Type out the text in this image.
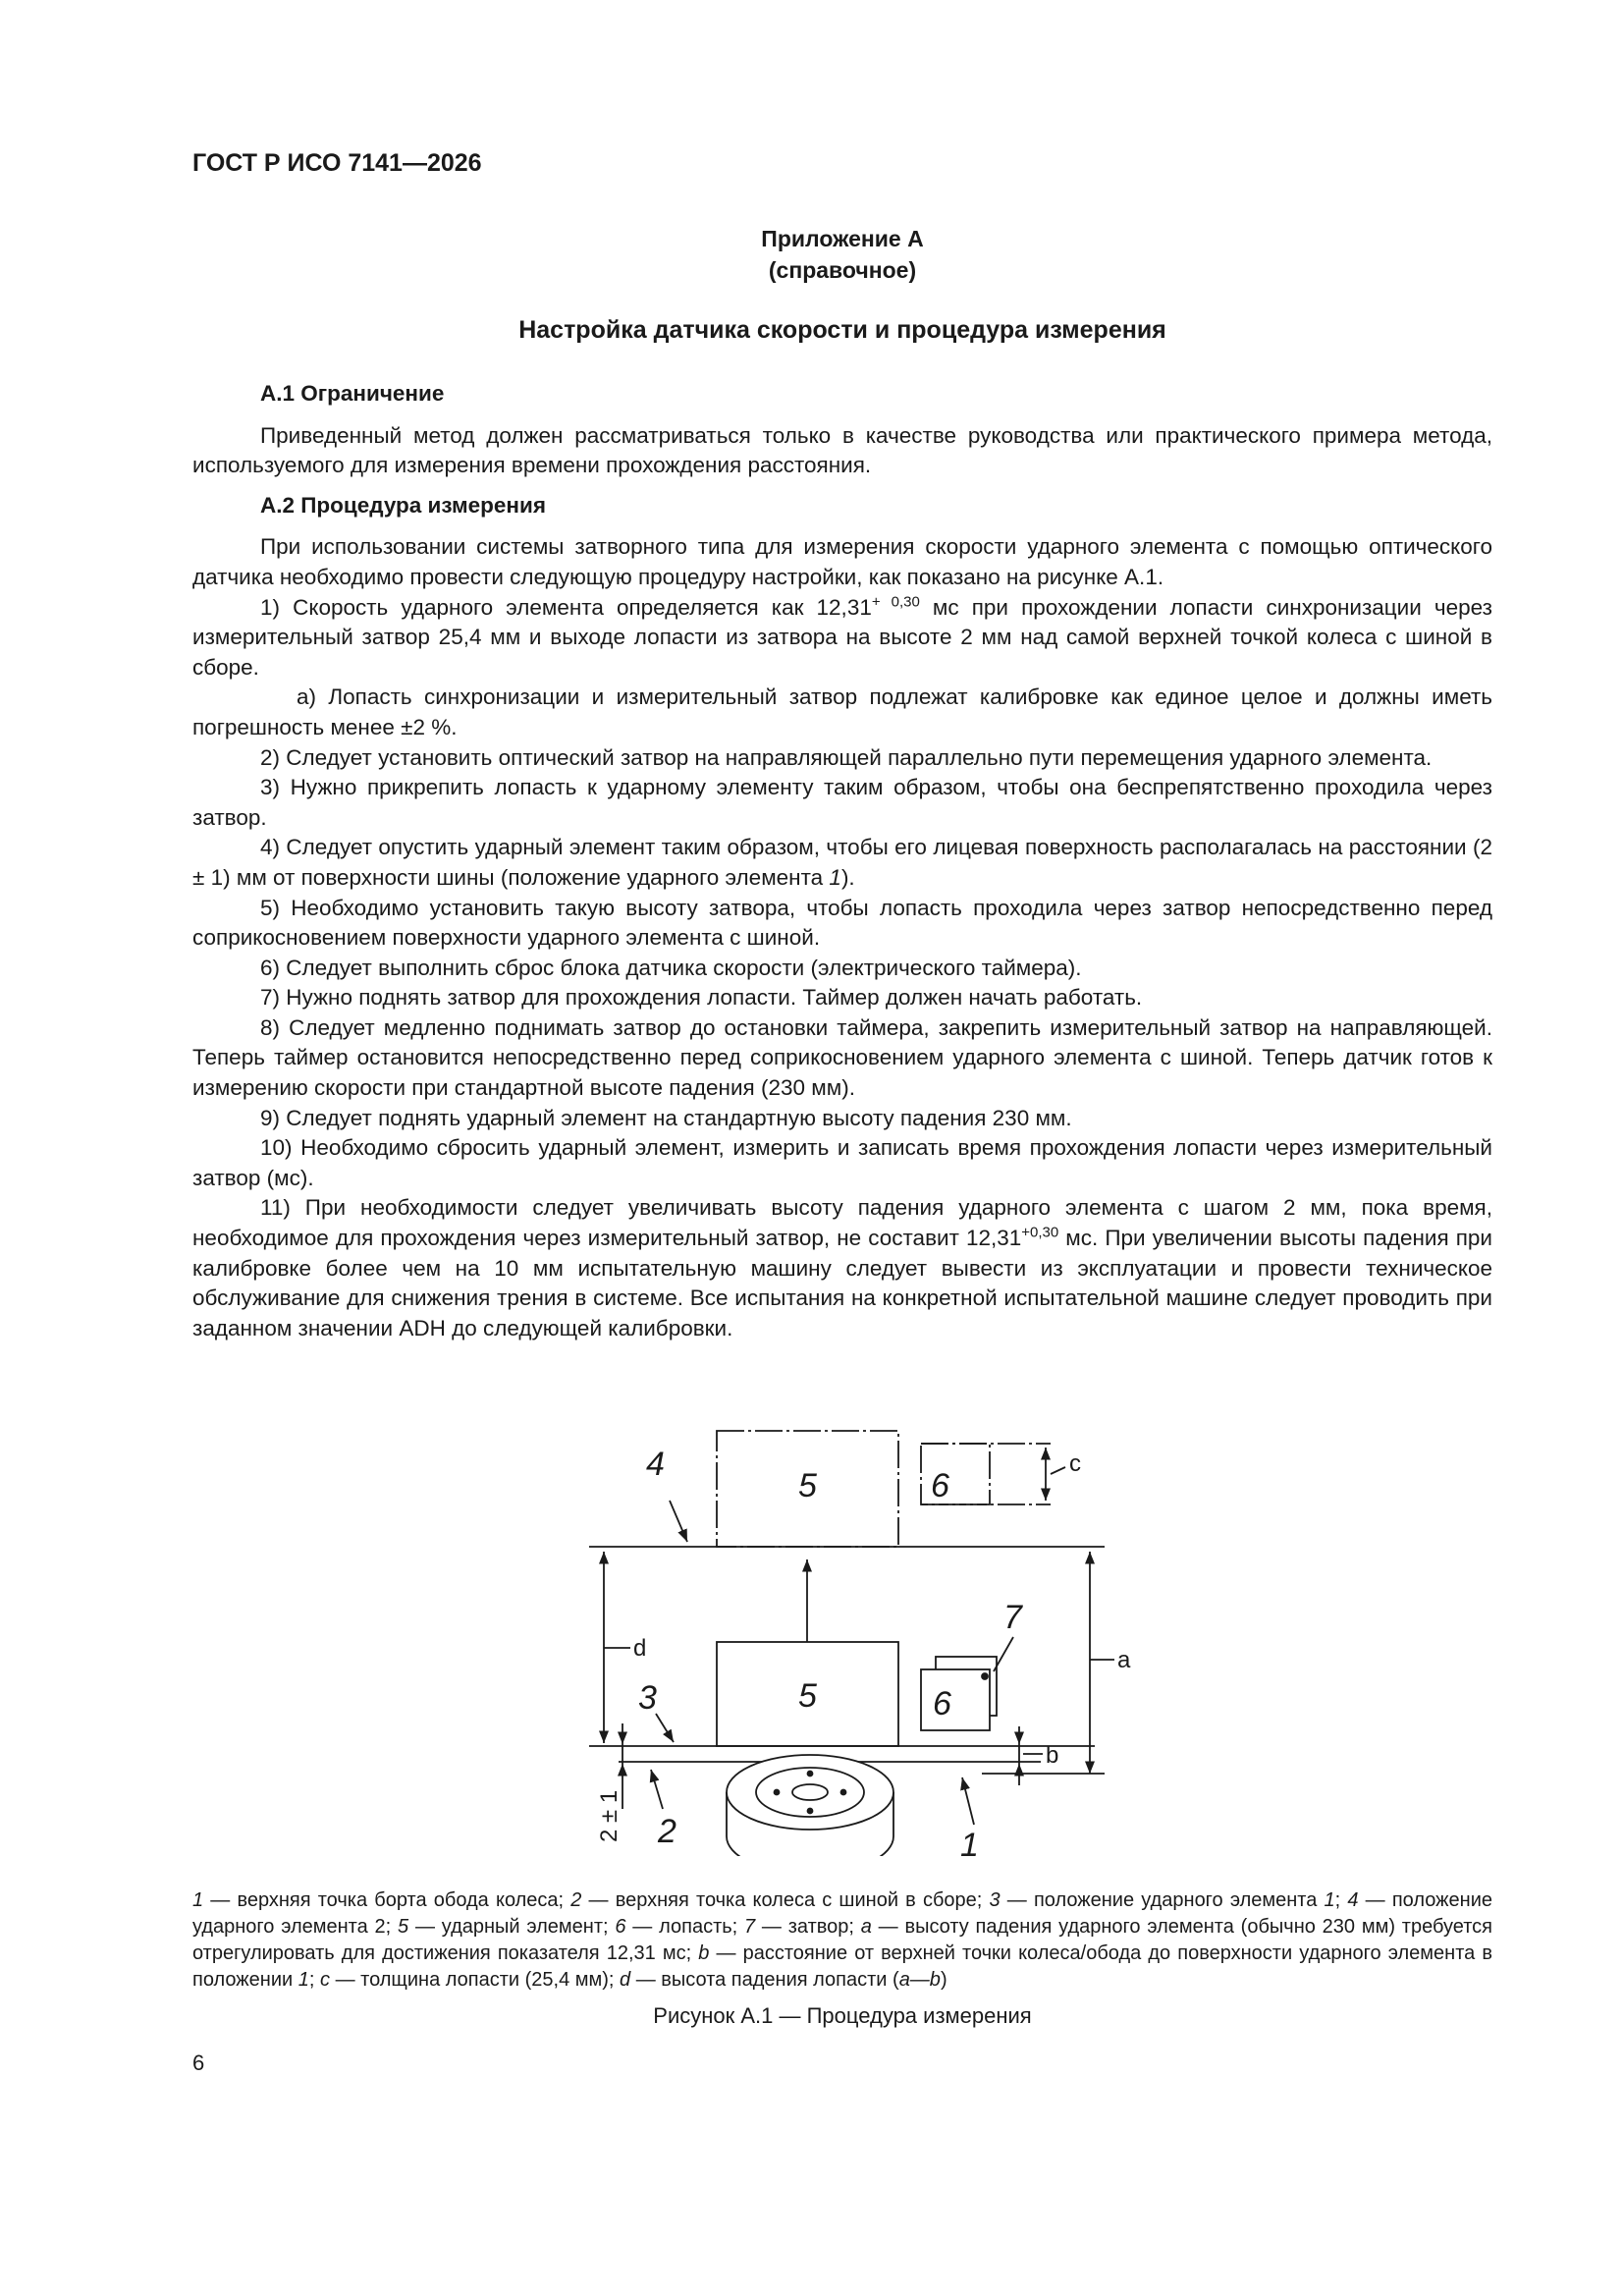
ГОСТ Р ИСО 7141—2026
Приложение А
(справочное)
Настройка датчика скорости и процедура измерения

А.1 Ограничение

Приведенный метод должен рассматриваться только в качестве руководства или практического примера метода, используемого для измерения времени прохождения расстояния.

А.2 Процедура измерения

При использовании системы затворного типа для измерения скорости ударного элемента с помощью оптического датчика необходимо провести следующую процедуру настройки, как показано на рисунке А.1.

1) Скорость ударного элемента определяется как $12,31^{+ 0,30}$ мс при прохождении лопасти синхронизации через измерительный затвор 25,4 мм и выходе лопасти из затвора на высоте 2 мм над самой верхней точкой колеса с шиной в сборе.

а) Лопасть синхронизации и измерительный затвор подлежат калибровке как единое целое и должны иметь погрешность менее ±2 %.

2) Следует установить оптический затвор на направляющей параллельно пути перемещения ударного элемента.

3) Нужно прикрепить лопасть к ударному элементу таким образом, чтобы она беспрепятственно проходила через затвор.

4) Следует опустить ударный элемент таким образом, чтобы его лицевая поверхность располагалась на расстоянии (2 ± 1) мм от поверхности шины (положение ударного элемента 1).

5) Необходимо установить такую высоту затвора, чтобы лопасть проходила через затвор непосредственно перед соприкосновением поверхности ударного элемента с шиной.

6) Следует выполнить сброс блока датчика скорости (электрического таймера).

7) Нужно поднять затвор для прохождения лопасти. Таймер должен начать работать.

8) Следует медленно поднимать затвор до остановки таймера, закрепить измерительный затвор на направляющей. Теперь таймер остановится непосредственно перед соприкосновением ударного элемента с шиной. Теперь датчик готов к измерению скорости при стандартной высоте падения (230 мм).

9) Следует поднять ударный элемент на стандартную высоту падения 230 мм.

10) Необходимо сбросить ударный элемент, измерить и записать время прохождения лопасти через измерительный затвор (мс).

11) При необходимости следует увеличивать высоту падения ударного элемента с шагом 2 мм, пока время, необходимое для прохождения через измерительный затвор, не составит $12,31^{+0,30}$ мс. При увеличении высоты падения при калибровке более чем на 10 мм испытательную машину следует вывести из эксплуатации и провести техническое обслуживание для снижения трения в системе. Все испытания на конкретной испытательной машине следует проводить при заданном значении ADH до следующей калибровки.

4
5	6
7
3	5	6
2	1
c
d	a
b
2 ± 1
1 — верхняя точка борта обода колеса; 2 — верхняя точка колеса с шиной в сборе; 3 — положение ударного элемента 1; 4 — положение ударного элемента 2; 5 — ударный элемент; 6 — лопасть; 7 — затвор; а — высоту падения ударного элемента (обычно 230 мм) требуется отрегулировать для достижения показателя 12,31 мс; b — расстояние от верхней точки колеса/обода до поверхности ударного элемента в положении 1; c — толщина лопасти (25,4 мм); d — высота падения лопасти (a—b)
Рисунок А.1 — Процедура измерения
6
